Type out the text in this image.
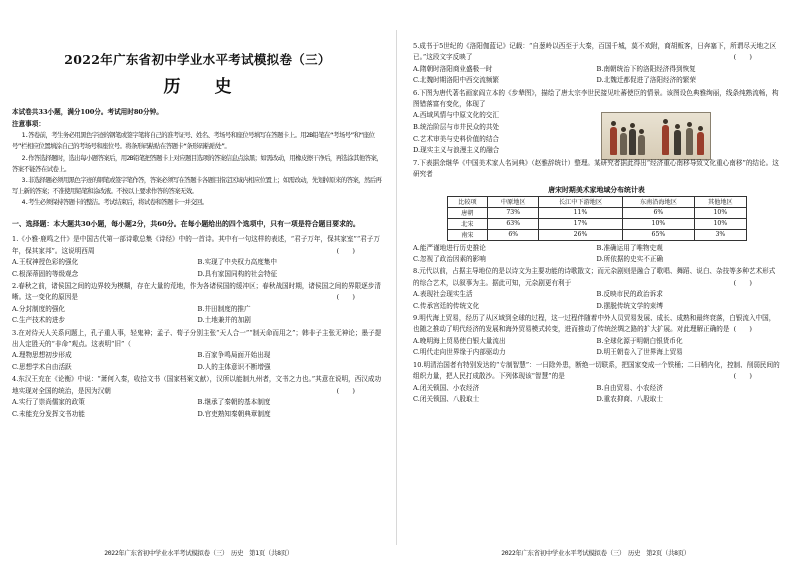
2022年广东省初中学业水平考试模拟卷（三）
历 史

本试卷共33小题，满分100分。考试用时80分钟。

注意事项：

1.答卷前，考生务必用黑色字迹的钢笔或签字笔将自己的准考证号、姓名、考场号和座位号填写在答题卡上。用2B铅笔在“考场号”和“座位号”栏相应位置填涂自己的考场号和座位号。将条形码粘贴在答题卡“条形码粘贴处”。

2.作答选择题时，选出每小题答案后，用2B铅笔把答题卡上对应题目选项的答案信息点涂黑；如需改动，用橡皮擦干净后，再选涂其他答案，答案不能答在试卷上。

3.非选择题必须用黑色字迹的钢笔或签字笔作答，答案必须写在答题卡各题目指定区域内相应位置上；如需改动，先划掉原来的答案，然后再写上新的答案；不准使用铅笔和涂改液。不按以上要求作答的答案无效。

4.考生必须保持答题卡的整洁。考试结束后，将试卷和答题卡一并交回。

一、选择题：本大题共30小题，每小题2分，共60分。在每小题给出的四个选项中，只有一项是符合题目要求的。

1.《小雅·鹿鸣之什》是中国古代第一部诗歌总集《诗经》中的一首诗。其中有一句这样的表述，“君子万年，保其家室”“君子万年，保其家邦”。这说明西周	(　　)

A.王权神授色彩的强化	B.实现了中央权力高度集中
C.根深蒂固的等级观念	D.具有家国同构的社会特征

2.春秋之前，诸侯国之间的边界较为模糊，存在大量的荒地，作为各诸侯国的缓冲区；春秋战国时期，诸侯国之间的界限逐步清晰。这一变化的原因是	(　　)

A.分封制度的强化	B.井田制度的推广
C.生产技术的进步	D.土地兼并的加剧

3.在对待天人关系问题上，孔子重人事，轻鬼神；孟子、荀子分别主张“天人合一”“制天命而用之”；韩非子主张无神论；墨子提出人定胜天的“非命”观点。这表明“旧”（

A.理物思想初步形成	B.百家争鸣局面开始出现
C.思想学术自由活跃	D.人的主体意识不断增强

4.东汉王充在《论衡》中说：“萧何入秦，收拾文书（国家档案文献），汉所以能制九州者，文书之力也。”其意在说明，西汉成功地实现对全国的统治，是因为汉朝	(　　)

A.实行了崇尚儒家的政策	B.继承了秦朝的基本制度
C.未能充分发挥文书功能	D.官吏熟知秦朝典章制度
2022年广东省初中学业水平考试模拟卷（三）　历史　第1页（共8页）

5.成书于5世纪的《洛阳伽蓝记》记载：“自葱岭以西至于大秦，百国千城，莫不欢附，商胡贩客，日奔塞下，所谓尽天地之区已。”这段文字反映了	(　　)

A.隋朝时洛阳商业盛极一时	B.南朝统治下的洛阳经济得到恢复
C.北魏时期洛阳中西交流频繁	D.北魏迁都促进了洛阳经济的繁荣

6.下图为唐代著名画家阎立本的《步辇图》，描绘了唐太宗李世民接见吐蕃使臣的情景。该图设色典雅绚丽，线条纯熟流畅，构图错落富有变化，体现了

A.西域风情与中原文化的交汇
B.统治阶层与市井民众的共处
C.艺术审美与史料价值的结合
D.现实主义与浪漫主义的融合

7.下表据余继华《中国美术家人名词典》（赵雅辞统计）整理。某研究者据此得出“经济重心南移导致文化重心南移”的结论。这研究者

唐宋时期美术家地域分布统计表
比较项	中原地区	长江中下游地区	东南沿海地区	其他地区
唐朝	73%	11%	6%	10%
北宋	63%	17%	10%	10%
南宋	6%	26%	65%	3%
A.能严谨地进行历史推论	B.准确运用了唯物史观
C.忽视了政治因素的影响	D.所依据的史实不正确

8.元代以前，占据主导地位的是以诗文为主要功能的诗歌散文；而元杂剧则是融合了歌唱、舞蹈、说白、杂技等多种艺术形式的综合艺术，以叙事为主。据此可知，元杂剧更有利于	(　　)

A.表现社会现实生活	B.反映市民的政治诉求
C.传承宫廷的传统文化	D.摆脱传统文学的束缚

9.明代海上贸易，经历了从区域到全球的过程，这一过程伴随着中外人员贸易发展、成长、成熟和最终衰落，白银流入中国，也随之推动了明代经济的发展和海外贸易模式转变，进而推动了传统丝绸之路的扩大扩展。对此理解正确的是 (　　)

A.晚明海上贸易使白银大量流出	B.全球化源于明朝白银货币化
C.明代走向世界缘于内部驱动力	D.明王朝卷入了世界海上贸易

10.明清治国者有特别发达的“专制智慧”：一曰除外患，断绝一切联系，把国家变成一个铁桶；二曰稍内化，控制、削弱民间的组织力量，把人民打成散沙。下列体现该“智慧”的是	(　　)

A.闭关锁国、小农经济	B.自由贸易、小农经济
C.闭关锁国、八股取士	D.重农抑商、八股取士
2022年广东省初中学业水平考试模拟卷（三）　历史　第2页（共8页）
